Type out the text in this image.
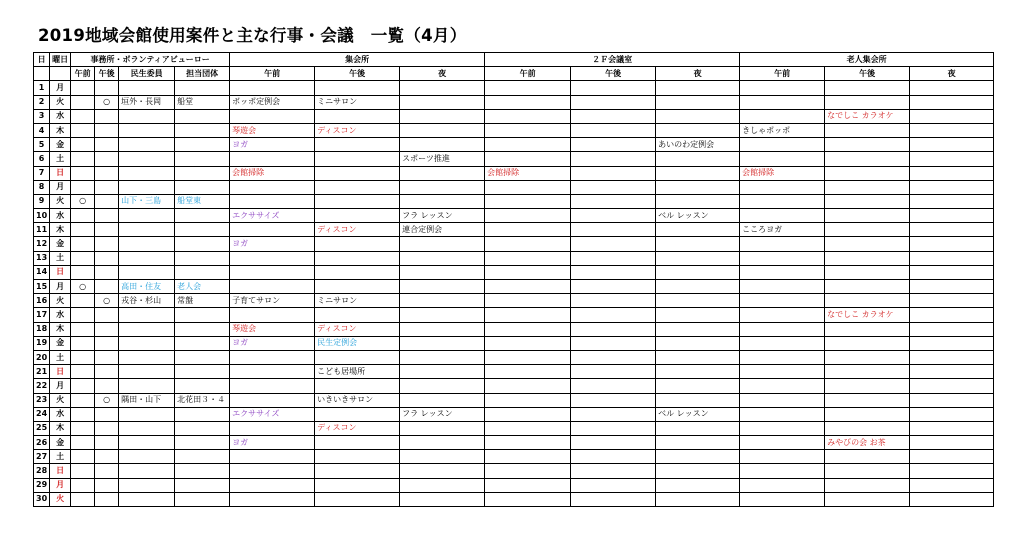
2019地域会館使用案件と主な行事・会議　一覧（4月）
日	曜日	事務所・ボランティアビューロー				集会所			２Ｆ会議室			老人集会所		
		午前	午後	民生委員	担当団体	午前	午後	夜	午前	午後	夜	午前	午後	夜
1	月													
2	火		○	垣外・長岡	船堂	ボッポ定例会	ミニサロン							
3	水												なでしこ カラオケ	
4	木					琴遊会	ディスコン					きしゃポッポ		
5	金					ヨガ					あいのわ定例会			
6	土							スポーツ推進						
7	日					会館掃除			会館掃除			会館掃除		
8	月													
9	火	○		山下・三島	船堂東									
10	水					エクササイズ		フラ レッスン			ベル レッスン			
11	木						ディスコン	連合定例会				こころヨガ		
12	金					ヨガ								
13	土													
14	日													
15	月	○		高田・住友	老人会									
16	火		○	戎谷・杉山	常盤	子育てサロン	ミニサロン							
17	水												なでしこ カラオケ	
18	木					琴遊会	ディスコン							
19	金					ヨガ	民生定例会							
20	土													
21	日						こども居場所							
22	月													
23	火		○	隅田・山下	北花田３・４		いきいきサロン							
24	水					エクササイズ		フラ レッスン			ベル レッスン			
25	木						ディスコン							
26	金					ヨガ							みやびの会 お茶	
27	土													
28	日													
29	月													
30	火													
